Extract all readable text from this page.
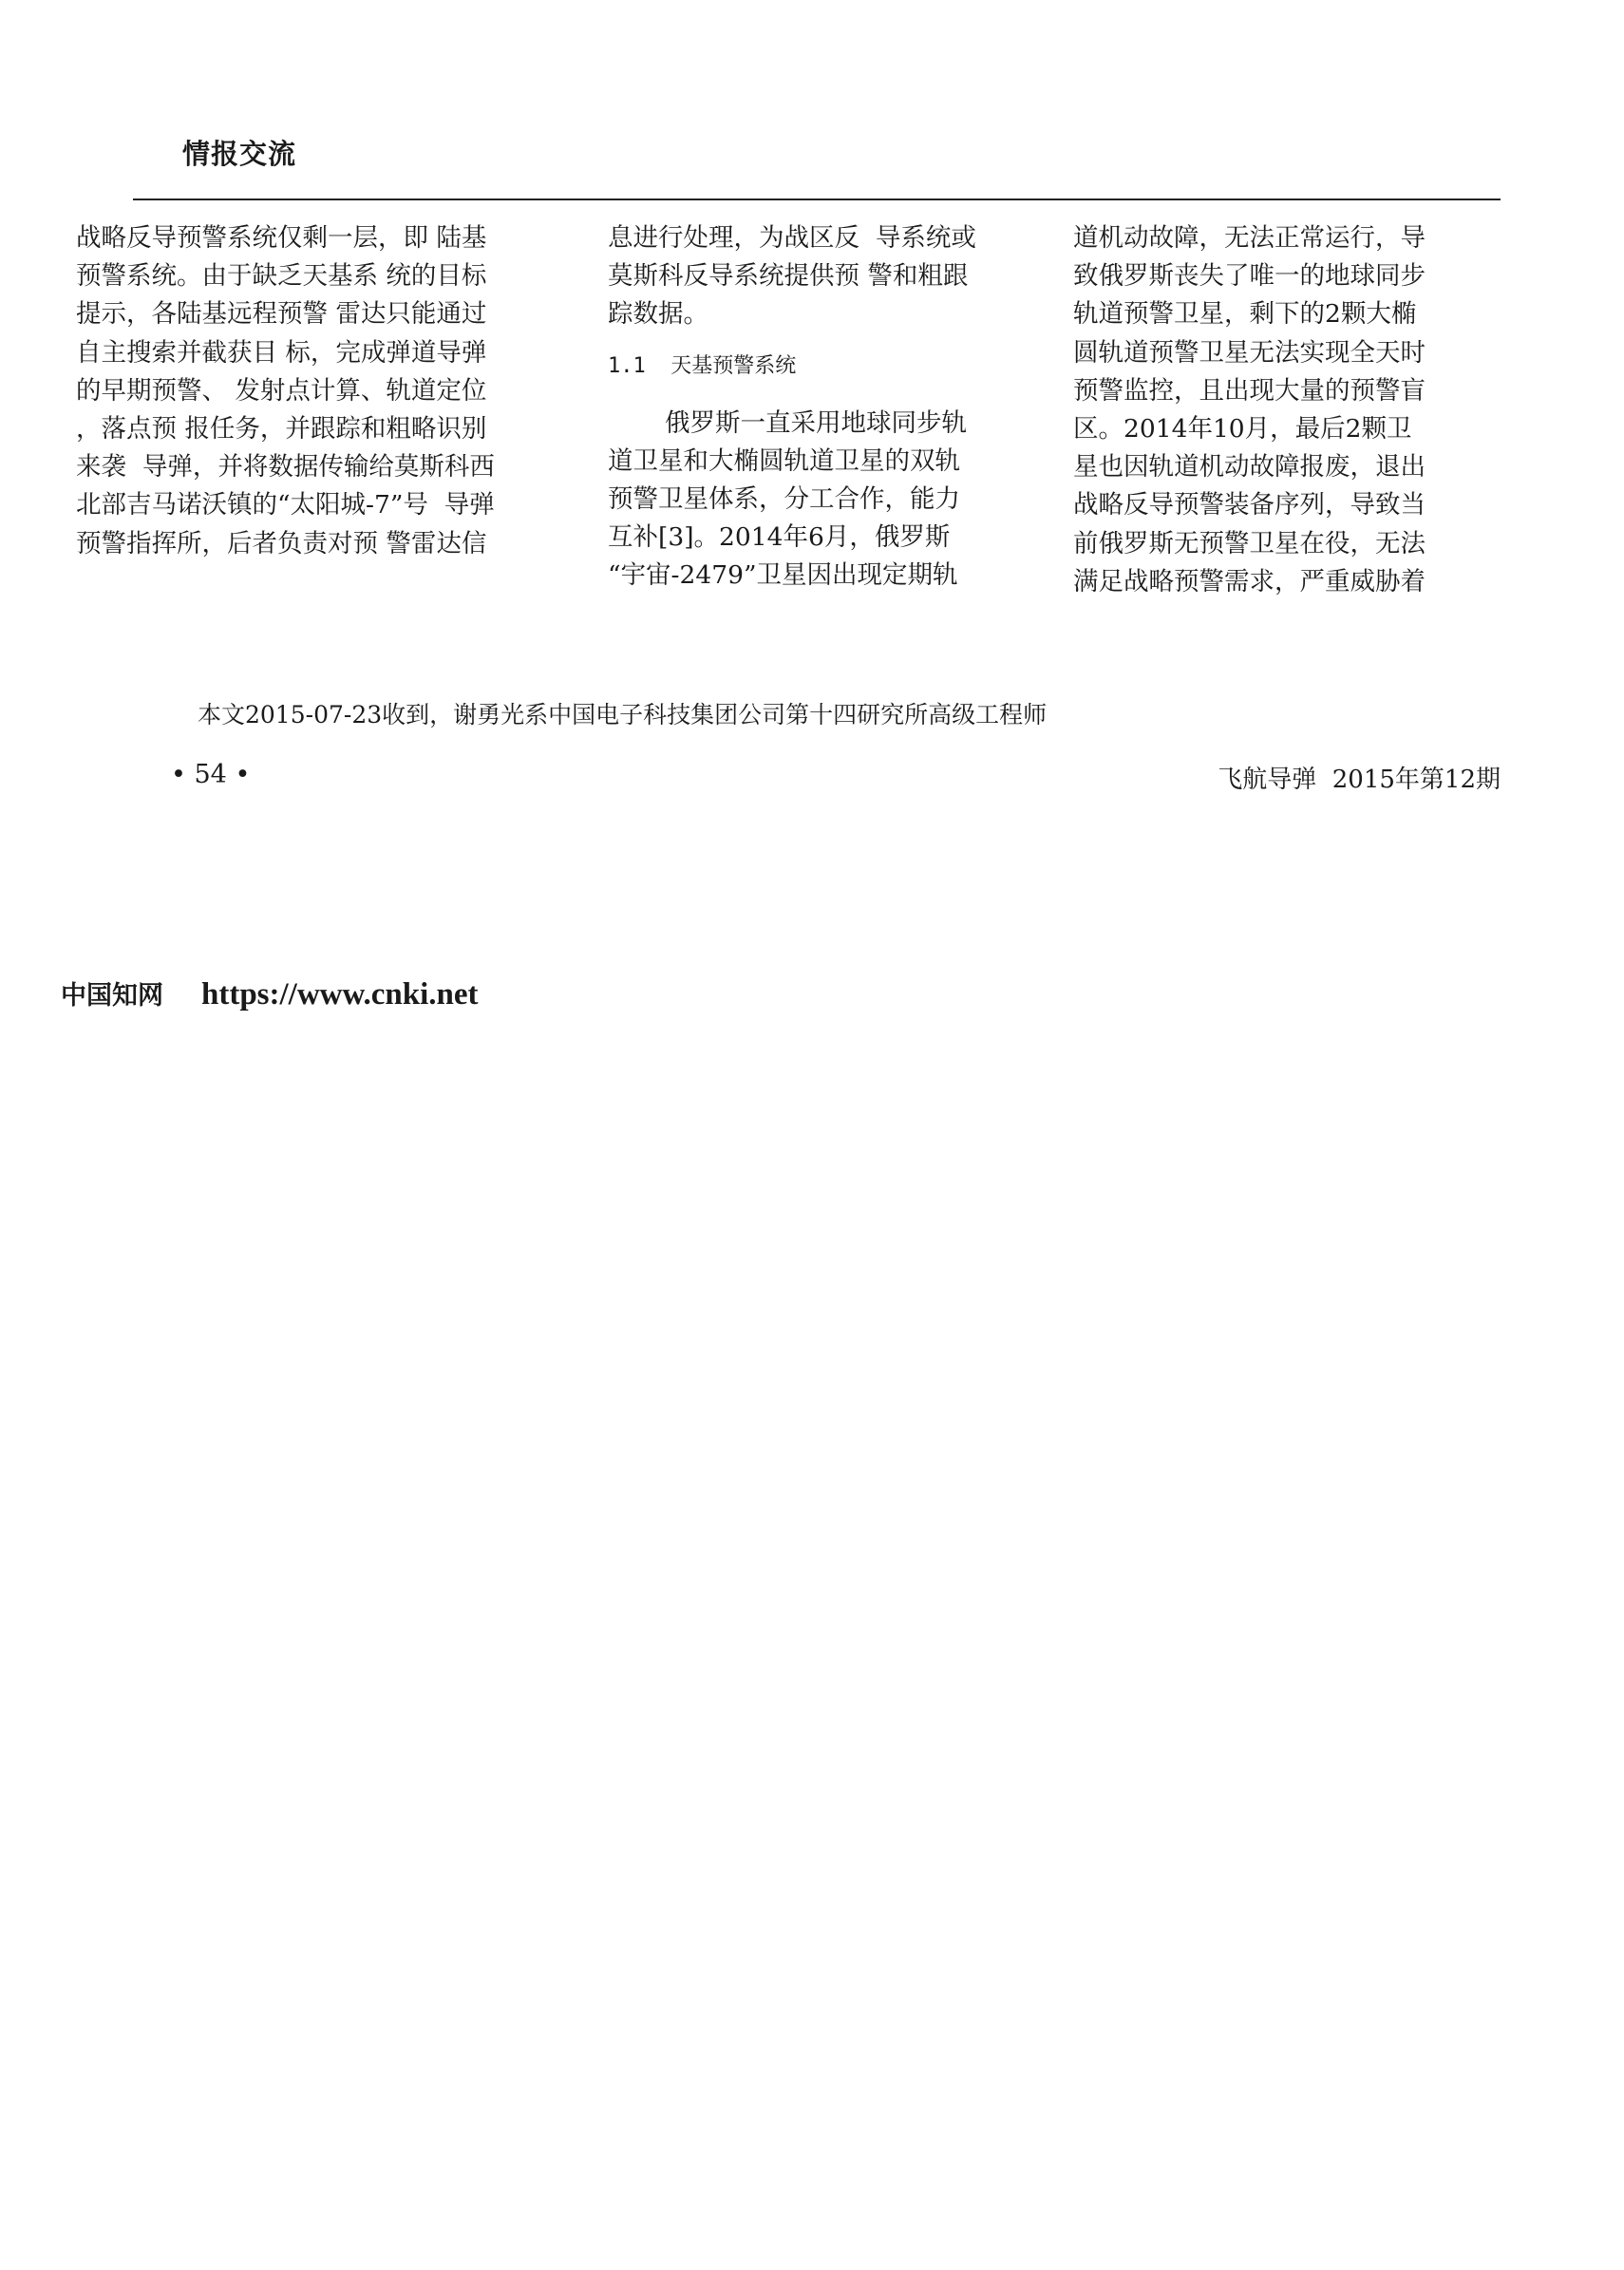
情报交流
战略反导预警系统仅剩一层，即 陆基
预警系统。由于缺乏天基系 统的目标
提示，各陆基远程预警 雷达只能通过
自主搜索并截获目 标，完成弹道导弹
的早期预警、 发射点计算、轨道定位
，落点预 报任务，并跟踪和粗略识别
来袭  导弹，并将数据传输给莫斯科西
北部吉马诺沃镇的“太阳城-7”号  导弹
预警指挥所，后者负责对预 警雷达信
息进行处理，为战区反  导系统或
莫斯科反导系统提供预 警和粗跟
踪数据。
1.1  天基预警系统
俄罗斯一直采用地球同步轨
道卫星和大椭圆轨道卫星的双轨
预警卫星体系，分工合作，能力
互补[3]。2014年6月，俄罗斯
“宇宙-2479”卫星因出现定期轨
道机动故障，无法正常运行，导
致俄罗斯丧失了唯一的地球同步
轨道预警卫星，剩下的2颗大椭
圆轨道预警卫星无法实现全天时
预警监控，且出现大量的预警盲
区。2014年10月，最后2颗卫
星也因轨道机动故障报废，退出
战略反导预警装备序列，导致当
前俄罗斯无预警卫星在役，无法
满足战略预警需求，严重威胁着
本文2015-07-23收到，谢勇光系中国电子科技集团公司第十四研究所高级工程师
• 54 •	飞航导弹  2015年第12期
中国知网 https://www.cnki.net
